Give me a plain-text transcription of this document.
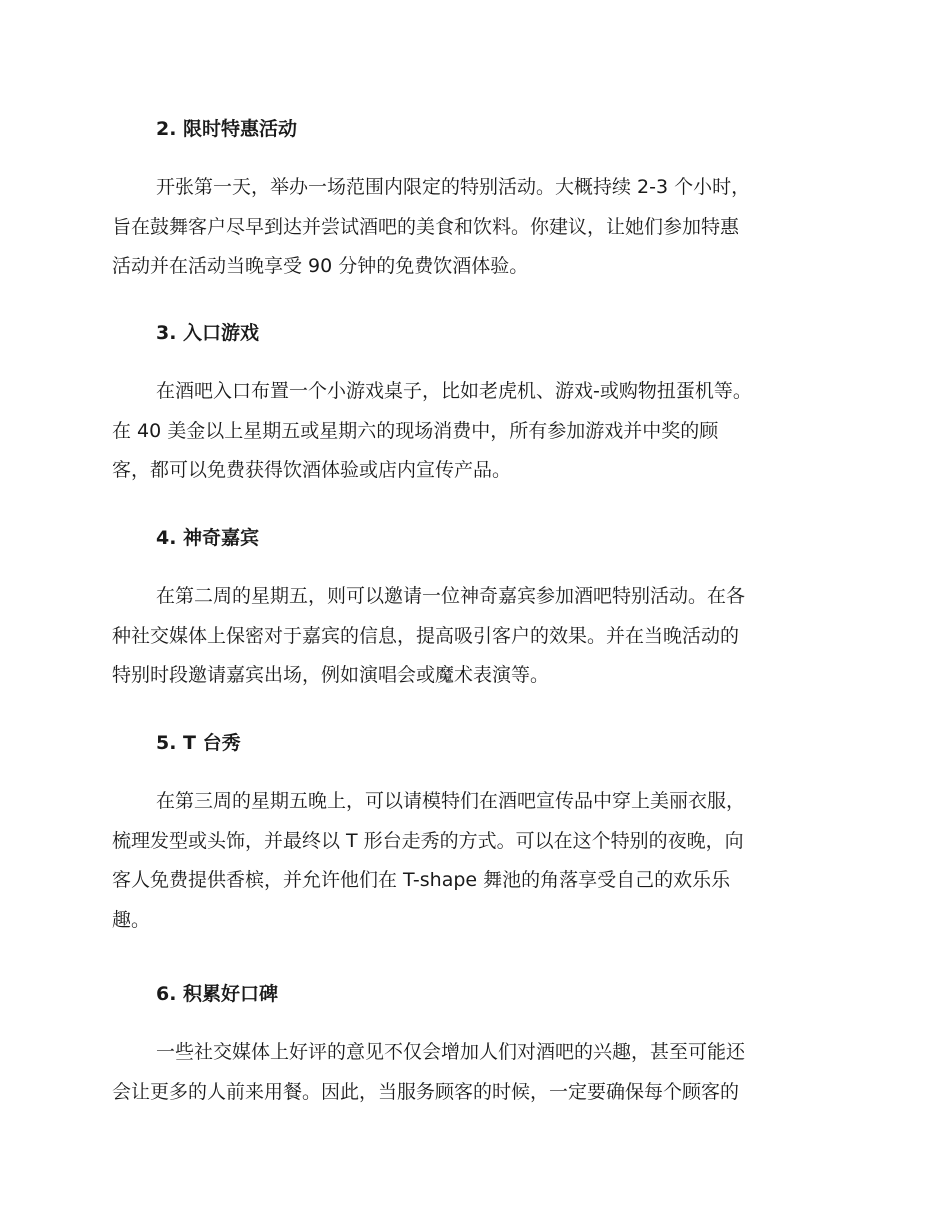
2. 限时特惠活动
开张第一天，举办一场范围内限定的特别活动。大概持续 2-3 个小时，
旨在鼓舞客户尽早到达并尝试酒吧的美食和饮料。你建议，让她们参加特惠
活动并在活动当晚享受 90 分钟的免费饮酒体验。
3. 入口游戏
在酒吧入口布置一个小游戏桌子，比如老虎机、游戏-或购物扭蛋机等。
在 40 美金以上星期五或星期六的现场消费中，所有参加游戏并中奖的顾
客，都可以免费获得饮酒体验或店内宣传产品。
4. 神奇嘉宾
在第二周的星期五，则可以邀请一位神奇嘉宾参加酒吧特别活动。在各
种社交媒体上保密对于嘉宾的信息，提高吸引客户的效果。并在当晚活动的
特别时段邀请嘉宾出场，例如演唱会或魔术表演等。
5. T 台秀
在第三周的星期五晚上，可以请模特们在酒吧宣传品中穿上美丽衣服，
梳理发型或头饰，并最终以 T 形台走秀的方式。可以在这个特别的夜晚，向
客人免费提供香槟，并允许他们在 T-shape 舞池的角落享受自己的欢乐乐
趣。
6. 积累好口碑
一些社交媒体上好评的意见不仅会增加人们对酒吧的兴趣，甚至可能还
会让更多的人前来用餐。因此，当服务顾客的时候，一定要确保每个顾客的
